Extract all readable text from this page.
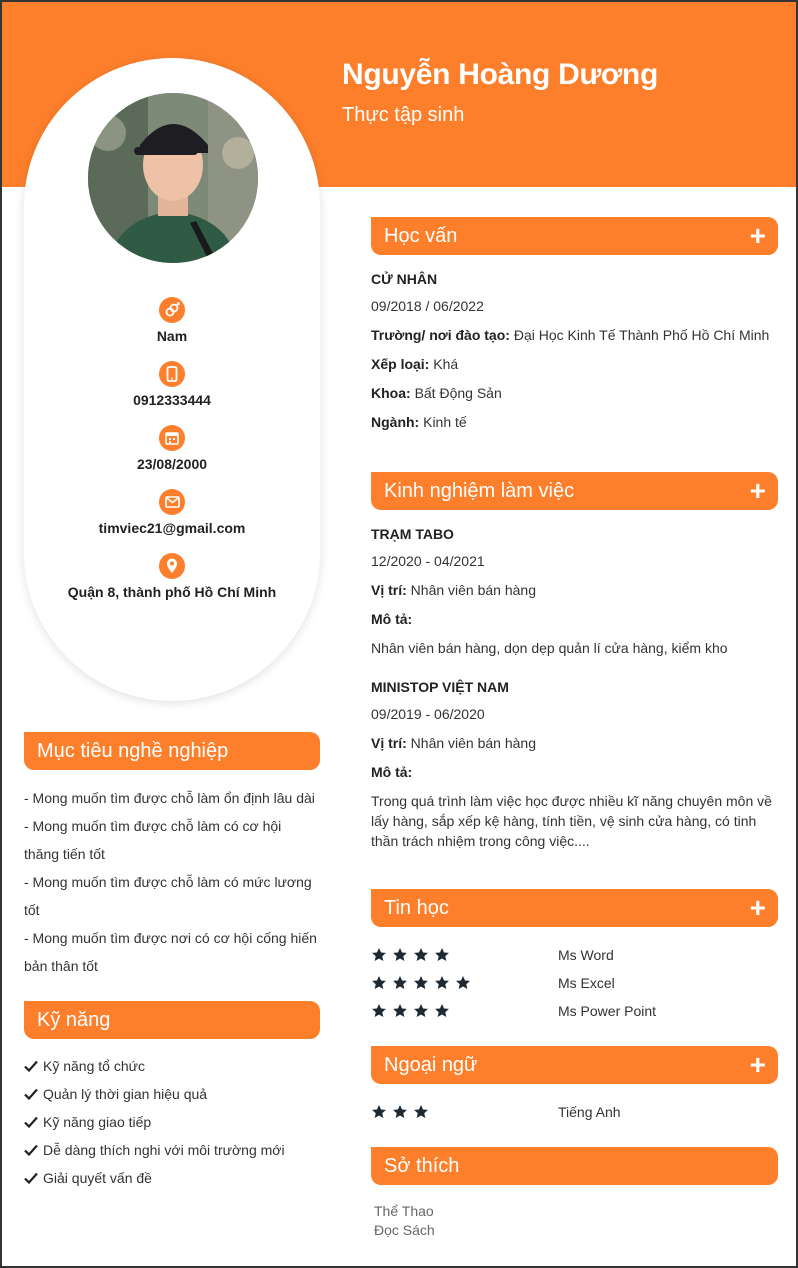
Nguyễn Hoàng Dương
Thực tập sinh
Nam
0912333444
23/08/2000
timviec21@gmail.com
Quận 8, thành phố Hồ Chí Minh
Mục tiêu nghề nghiệp
- Mong muốn tìm được chỗ làm ổn định lâu dài
- Mong muốn tìm được chỗ làm có cơ hội thăng tiến tốt
- Mong muốn tìm được chỗ làm có mức lương tốt
- Mong muốn tìm được nơi có cơ hội cống hiến bản thân tốt
Kỹ năng
Kỹ năng tổ chức
Quản lý thời gian hiệu quả
Kỹ năng giao tiếp
Dễ dàng thích nghi với môi trường mới
Giải quyết vấn đề
Học vấn	+
CỬ NHÂN
09/2018 / 06/2022
Trường/ nơi đào tạo: Đại Học Kinh Tế Thành Phố Hồ Chí Minh
Xếp loại: Khá
Khoa: Bất Động Sản
Ngành: Kinh tế
Kinh nghiệm làm việc	+
TRẠM TABO
12/2020 - 04/2021
Vị trí: Nhân viên bán hàng
Mô tả:
Nhân viên bán hàng, dọn dẹp quản lí cửa hàng, kiểm kho
MINISTOP VIỆT NAM
09/2019 - 06/2020
Vị trí: Nhân viên bán hàng
Mô tả:
Trong quá trình làm việc học được nhiều kĩ năng chuyên môn về lấy hàng, sắp xếp kệ hàng, tính tiền, vệ sinh cửa hàng, có tinh thần trách nhiệm trong công việc....
Tin học	+
Ms Word
Ms Excel
Ms Power Point
Ngoại ngữ	+
Tiếng Anh
Sở thích
Thể Thao
Đọc Sách
